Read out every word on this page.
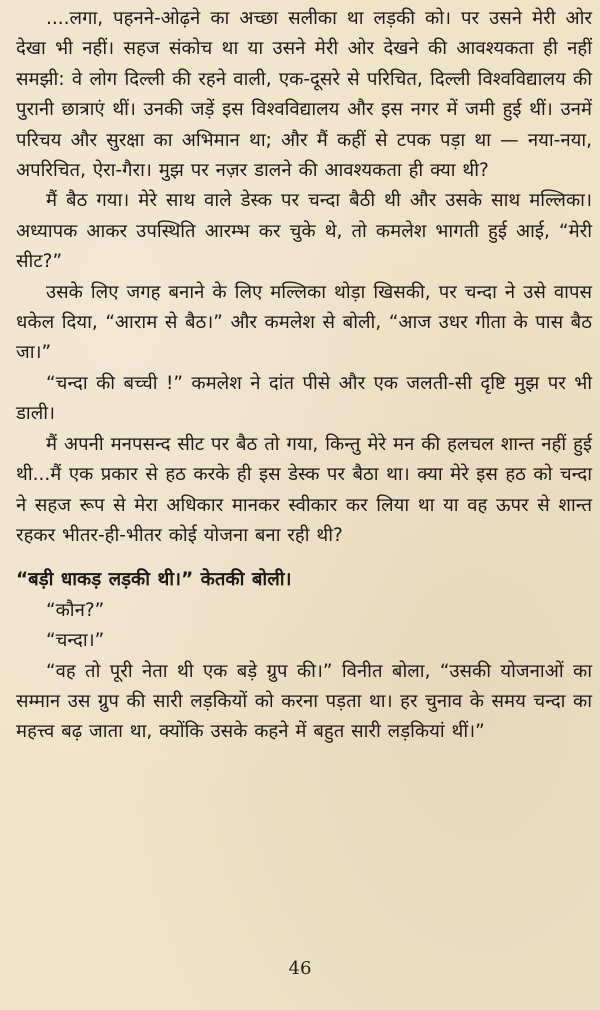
....लगा, पहनने-ओढ़ने का अच्छा सलीका था लड़की को। पर उसने मेरी ओर देखा भी नहीं। सहज संकोच था या उसने मेरी ओर देखने की आवश्यकता ही नहीं समझी: वे लोग दिल्ली की रहने वाली, एक-दूसरे से परिचित, दिल्ली विश्वविद्यालय की पुरानी छात्राएं थीं। उनकी जड़ें इस विश्वविद्यालय और इस नगर में जमी हुई थीं। उनमें परिचय और सुरक्षा का अभिमान था; और मैं कहीं से टपक पड़ा था — नया-नया, अपरिचित, ऐरा-गैरा। मुझ पर नज़र डालने की आवश्यकता ही क्या थी?

मैं बैठ गया। मेरे साथ वाले डेस्क पर चन्दा बैठी थी और उसके साथ मल्लिका। अध्यापक आकर उपस्थिति आरम्भ कर चुके थे, तो कमलेश भागती हुई आई, “मेरी सीट?”

उसके लिए जगह बनाने के लिए मल्लिका थोड़ा खिसकी, पर चन्दा ने उसे वापस धकेल दिया, “आराम से बैठ।” और कमलेश से बोली, “आज उधर गीता के पास बैठ जा।”

“चन्दा की बच्ची !” कमलेश ने दांत पीसे और एक जलती-सी दृष्टि मुझ पर भी डाली।

मैं अपनी मनपसन्द सीट पर बैठ तो गया, किन्तु मेरे मन की हलचल शान्त नहीं हुई थी...मैं एक प्रकार से हठ करके ही इस डेस्क पर बैठा था। क्या मेरे इस हठ को चन्दा ने सहज रूप से मेरा अधिकार मानकर स्वीकार कर लिया था या वह ऊपर से शान्त रहकर भीतर-ही-भीतर कोई योजना बना रही थी?

“बड़ी धाकड़ लड़की थी।” केतकी बोली।

“कौन?”

“चन्दा।”

“वह तो पूरी नेता थी एक बड़े ग्रुप की।” विनीत बोला, “उसकी योजनाओं का सम्मान उस ग्रुप की सारी लड़कियों को करना पड़ता था। हर चुनाव के समय चन्दा का महत्त्व बढ़ जाता था, क्योंकि उसके कहने में बहुत सारी लड़कियां थीं।”

46
